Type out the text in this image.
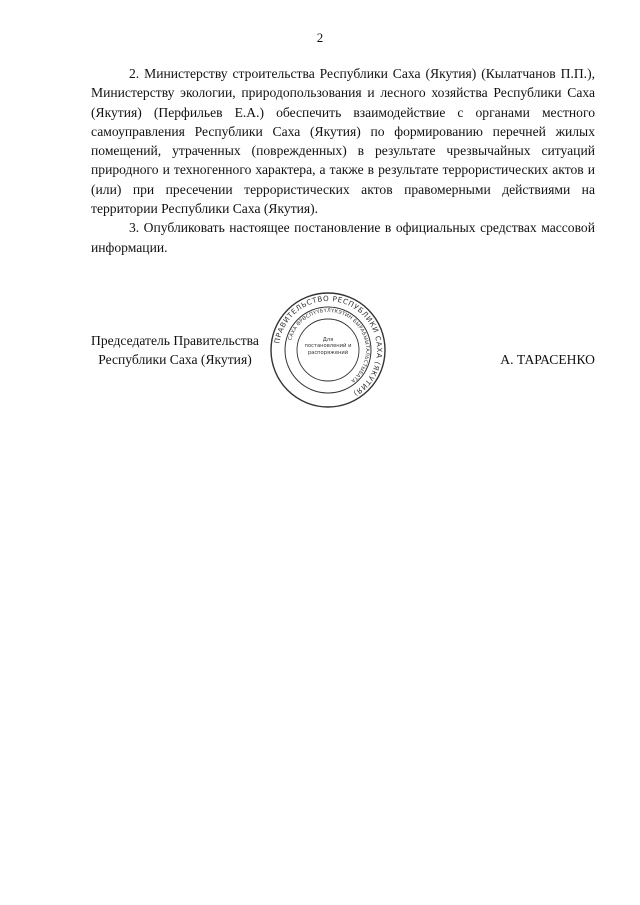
2

2. Министерству строительства Республики Саха (Якутия) (Кылатчанов П.П.), Министерству экологии, природопользования и лесного хозяйства Республики Саха (Якутия) (Перфильев Е.А.) обеспечить взаимодействие с органами местного самоуправления Республики Саха (Якутия) по формированию перечней жилых помещений, утраченных (поврежденных) в результате чрезвычайных ситуаций природного и техногенного характера, а также в результате террористических актов и (или) при пресечении террористических актов правомерными действиями на территории Республики Саха (Якутия).

3. Опубликовать настоящее постановление в официальных средствах массовой информации.

Председатель Правительства
Республики Саха (Якутия)	А. ТАРАСЕНКО
ПРАВИТЕЛЬСТВО РЕСПУБЛИКИ САХА (ЯКУТИЯ)
САХА ӨРӨСПҮҮБҮЛҮКЭТИН БЫРАБЫЫТАЛЬСТЫБАТА
Для постановлений и распоряжений
